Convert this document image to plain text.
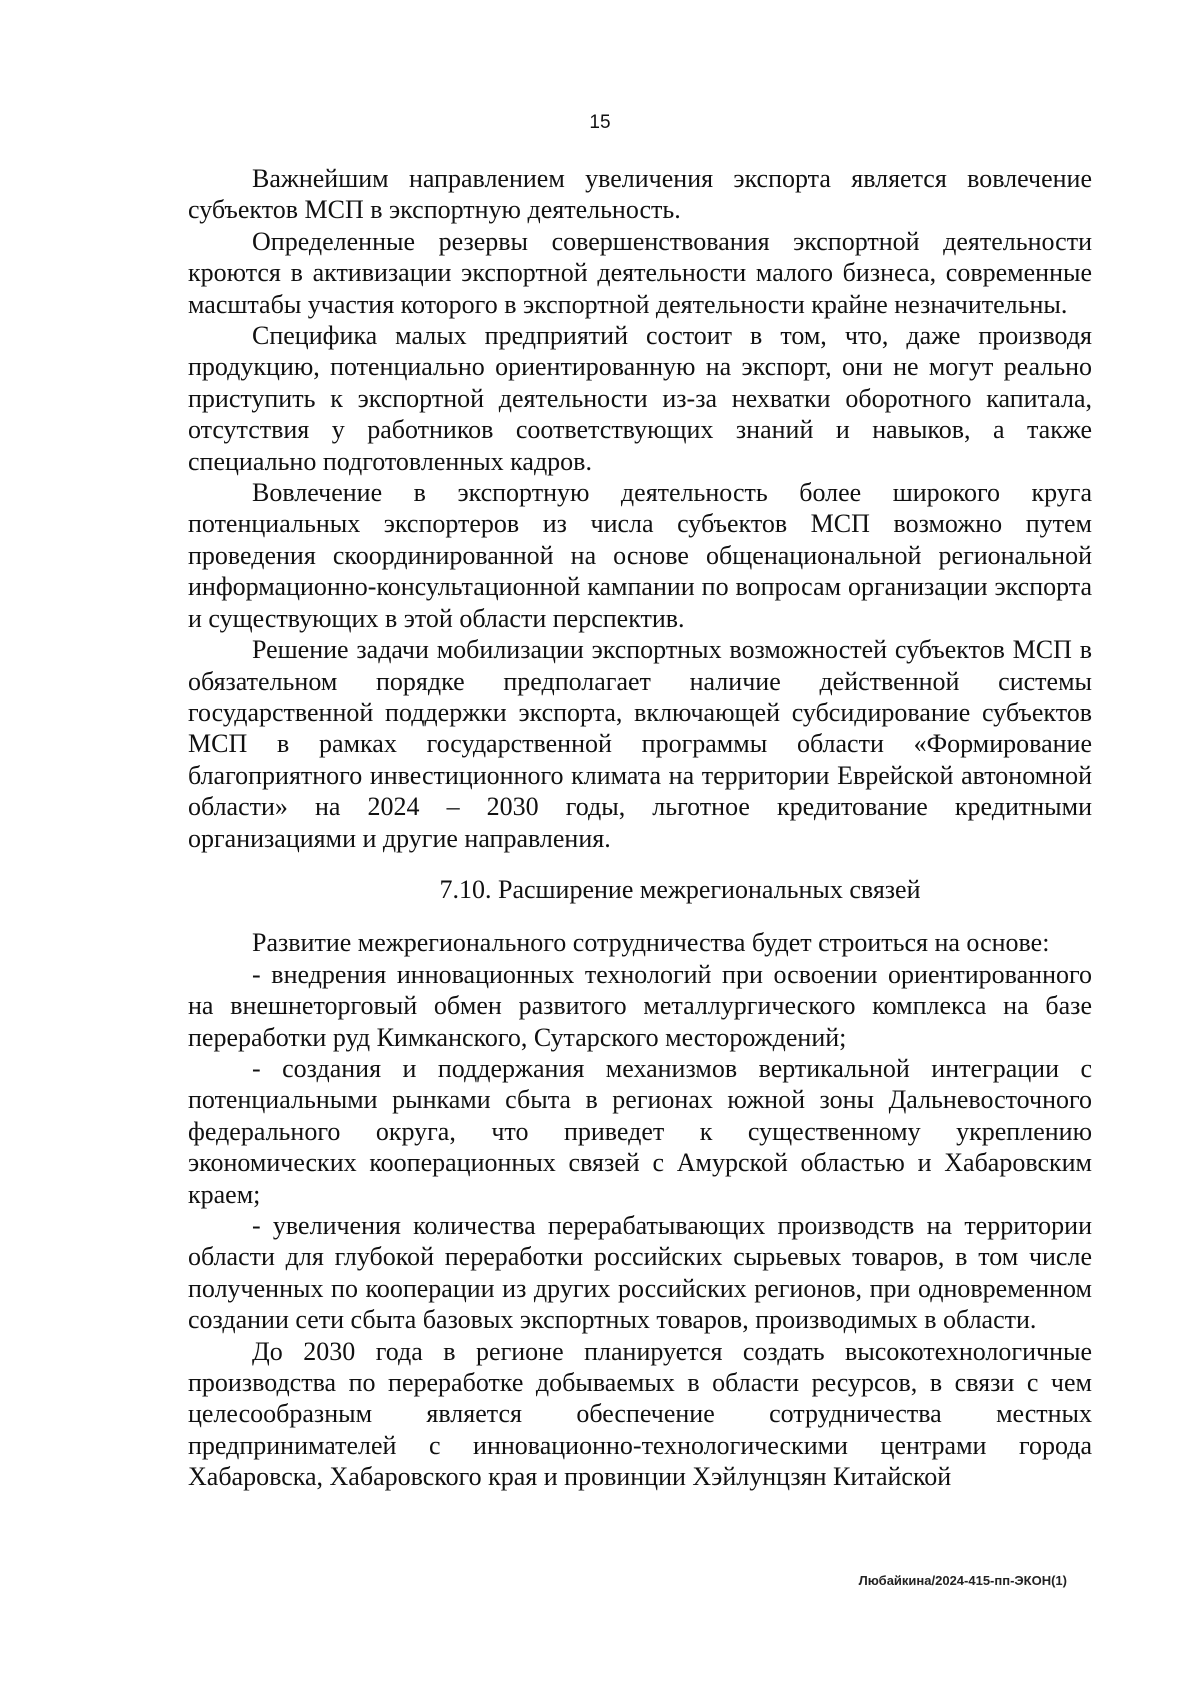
15

Важнейшим направлением увеличения экспорта является вовлечение субъектов МСП в экспортную деятельность.

Определенные резервы совершенствования экспортной деятельности кроются в активизации экспортной деятельности малого бизнеса, современные масштабы участия которого в экспортной деятельности крайне незначительны.

Специфика малых предприятий состоит в том, что, даже производя продукцию, потенциально ориентированную на экспорт, они не могут реально приступить к экспортной деятельности из-за нехватки оборотного капитала, отсутствия у работников соответствующих знаний и навыков, а также специально подготовленных кадров.

Вовлечение в экспортную деятельность более широкого круга потенциальных экспортеров из числа субъектов МСП возможно путем проведения скоординированной на основе общенациональной региональной информационно-консультационной кампании по вопросам организации экспорта и существующих в этой области перспектив.

Решение задачи мобилизации экспортных возможностей субъектов МСП в обязательном порядке предполагает наличие действенной системы государственной поддержки экспорта, включающей субсидирование субъектов МСП в рамках государственной программы области «Формирование благоприятного инвестиционного климата на территории Еврейской автономной области» на 2024 – 2030 годы, льготное кредитование кредитными организациями и другие направления.

7.10. Расширение межрегиональных связей

Развитие межрегионального сотрудничества будет строиться на основе:

- внедрения инновационных технологий при освоении ориентированного на внешнеторговый обмен развитого металлургического комплекса на базе переработки руд Кимканского, Сутарского месторождений;

- создания и поддержания механизмов вертикальной интеграции с потенциальными рынками сбыта в регионах южной зоны Дальневосточного федерального округа, что приведет к существенному укреплению экономических кооперационных связей с Амурской областью и Хабаровским краем;

- увеличения количества перерабатывающих производств на территории области для глубокой переработки российских сырьевых товаров, в том числе полученных по кооперации из других российских регионов, при одновременном создании сети сбыта базовых экспортных товаров, производимых в области.

До 2030 года в регионе планируется создать высокотехнологичные производства по переработке добываемых в области ресурсов, в связи с чем целесообразным является обеспечение сотрудничества местных предпринимателей с инновационно-технологическими центрами города Хабаровска, Хабаровского края и провинции Хэйлунцзян Китайской

Любайкина/2024-415-пп-ЭКОН(1)
